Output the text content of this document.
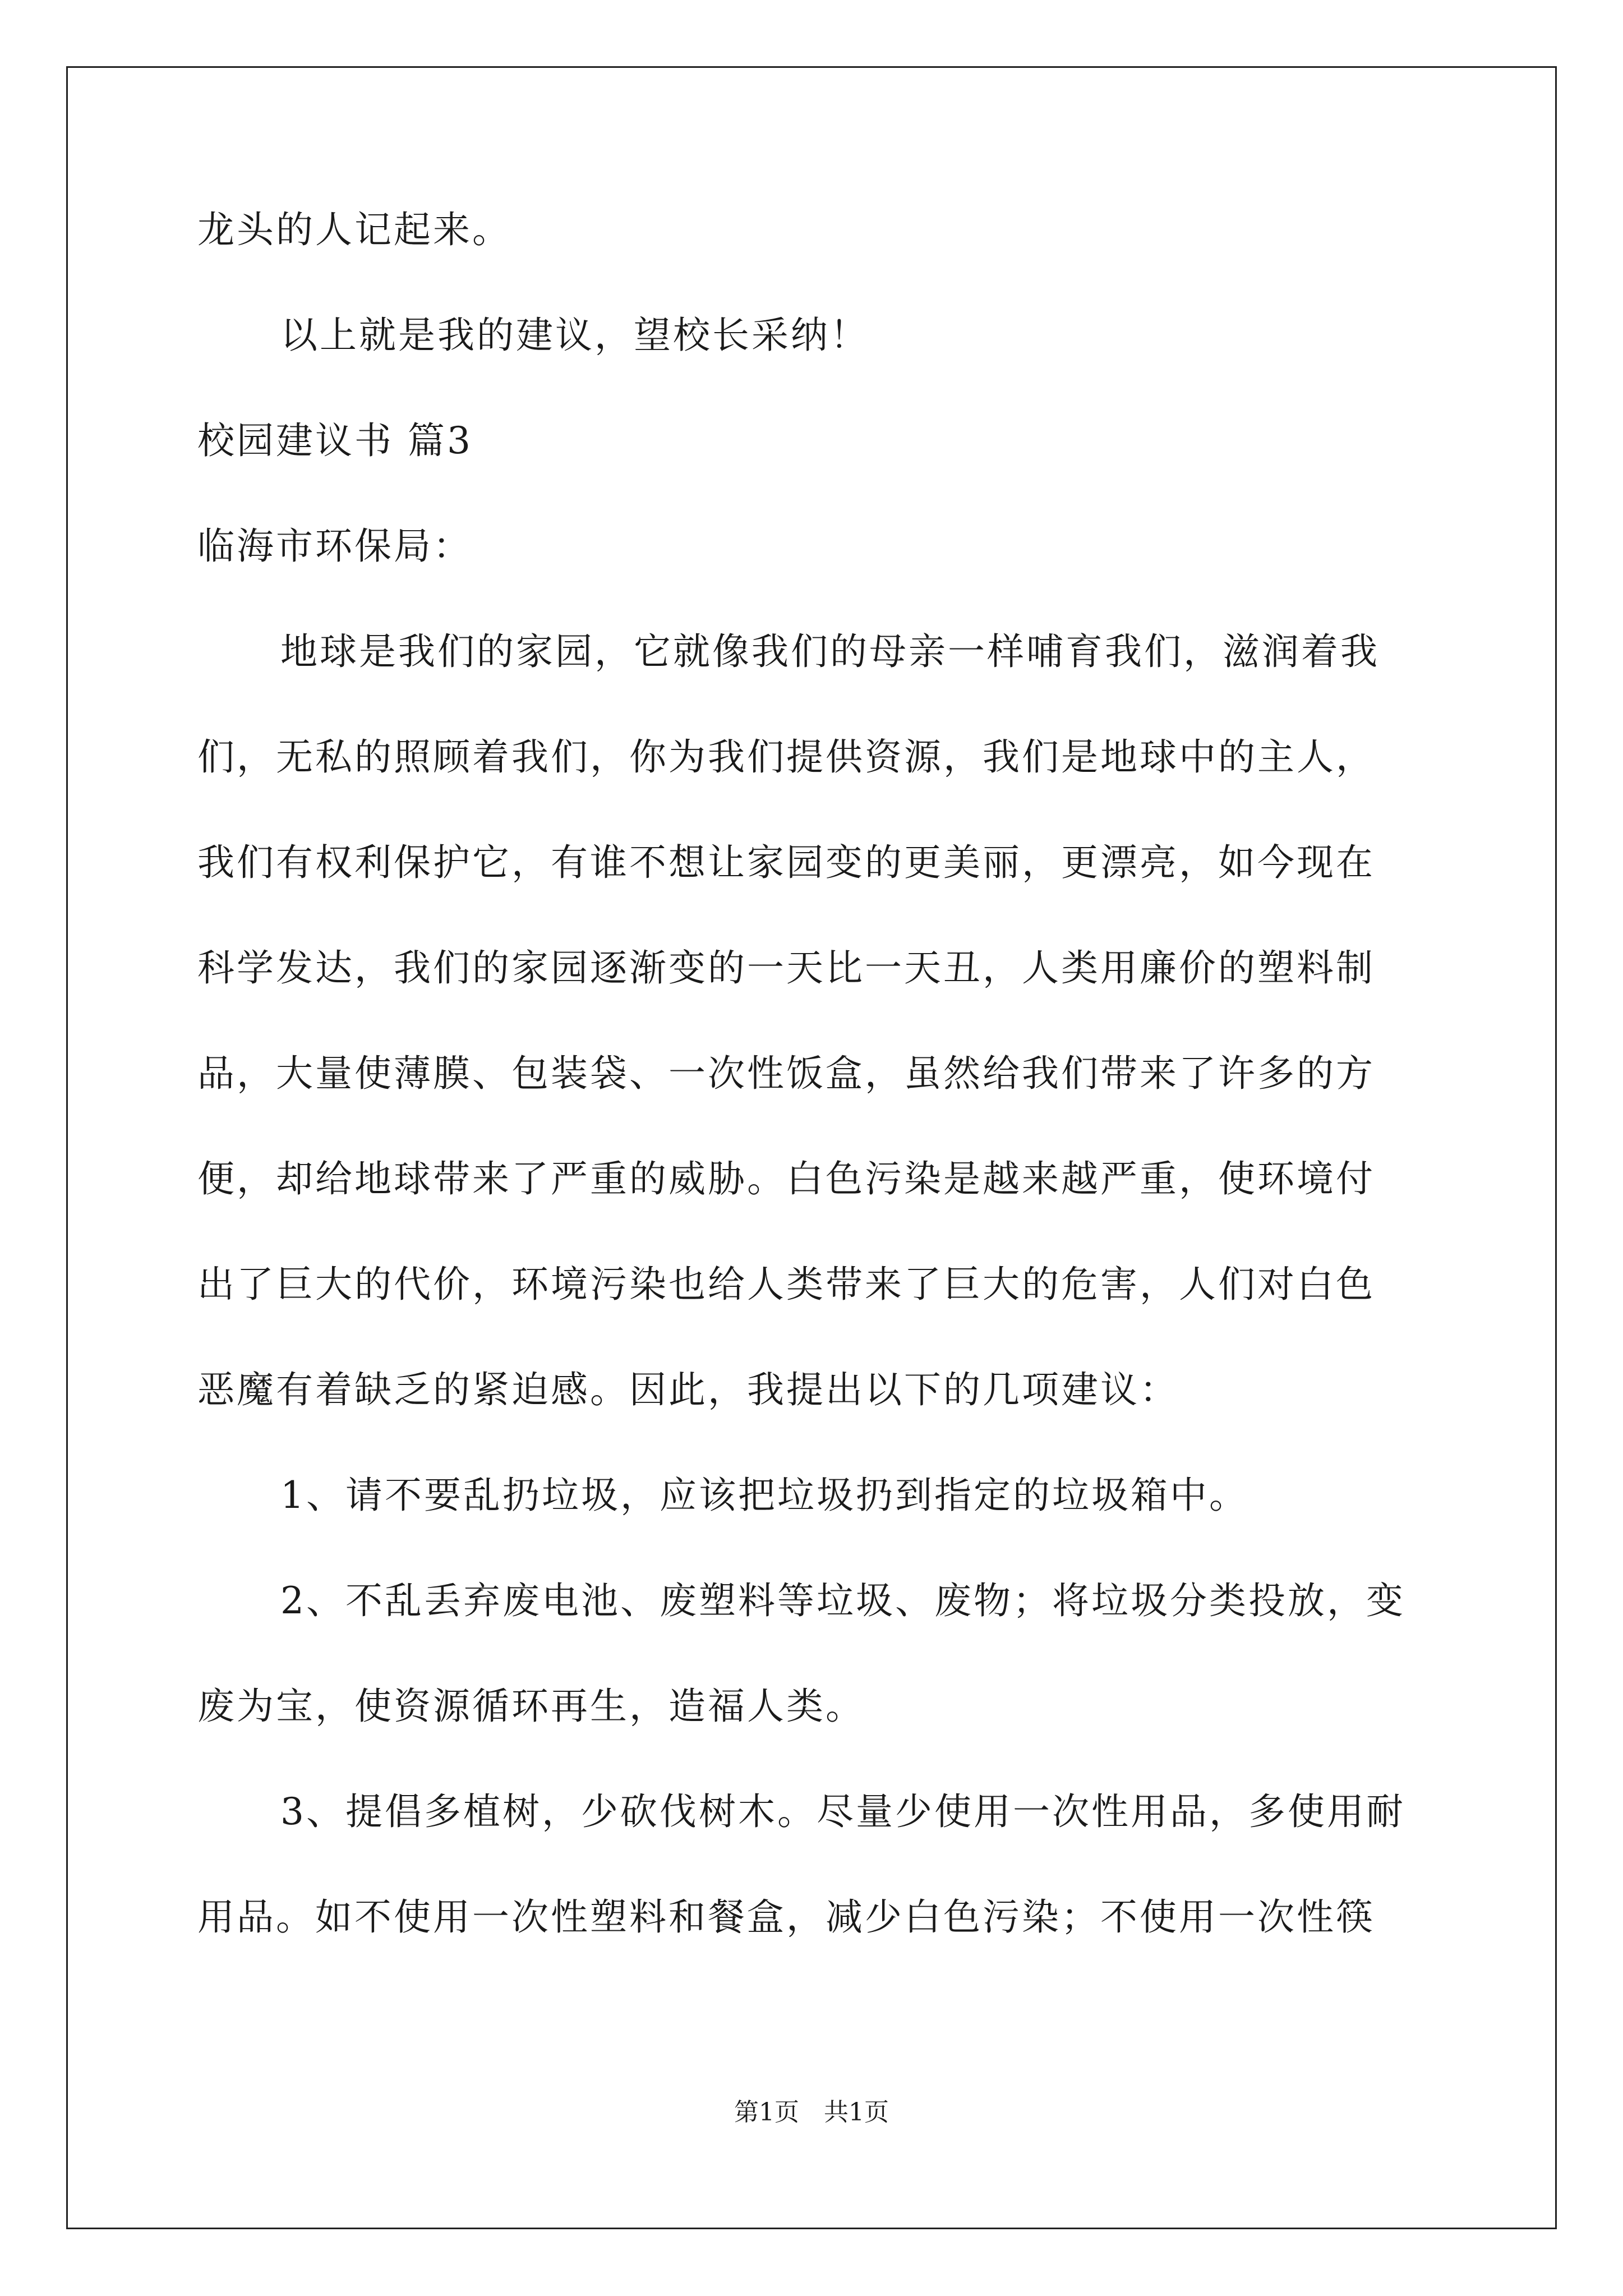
龙头的人记起来。
以上就是我的建议，望校长采纳！
校园建议书 篇3
临海市环保局：
地球是我们的家园，它就像我们的母亲一样哺育我们，滋润着我
们，无私的照顾着我们，你为我们提供资源，我们是地球中的主人，
我们有权利保护它，有谁不想让家园变的更美丽，更漂亮，如今现在
科学发达，我们的家园逐渐变的一天比一天丑，人类用廉价的塑料制
品，大量使薄膜、包装袋、一次性饭盒，虽然给我们带来了许多的方
便，却给地球带来了严重的威胁。白色污染是越来越严重，使环境付
出了巨大的代价，环境污染也给人类带来了巨大的危害，人们对白色
恶魔有着缺乏的紧迫感。因此，我提出以下的几项建议：
1、请不要乱扔垃圾，应该把垃圾扔到指定的垃圾箱中。
2、不乱丢弃废电池、废塑料等垃圾、废物；将垃圾分类投放，变
废为宝，使资源循环再生，造福人类。
3、提倡多植树，少砍伐树木。尽量少使用一次性用品，多使用耐
用品。如不使用一次性塑料和餐盒，减少白色污染；不使用一次性筷
第1页　共1页
